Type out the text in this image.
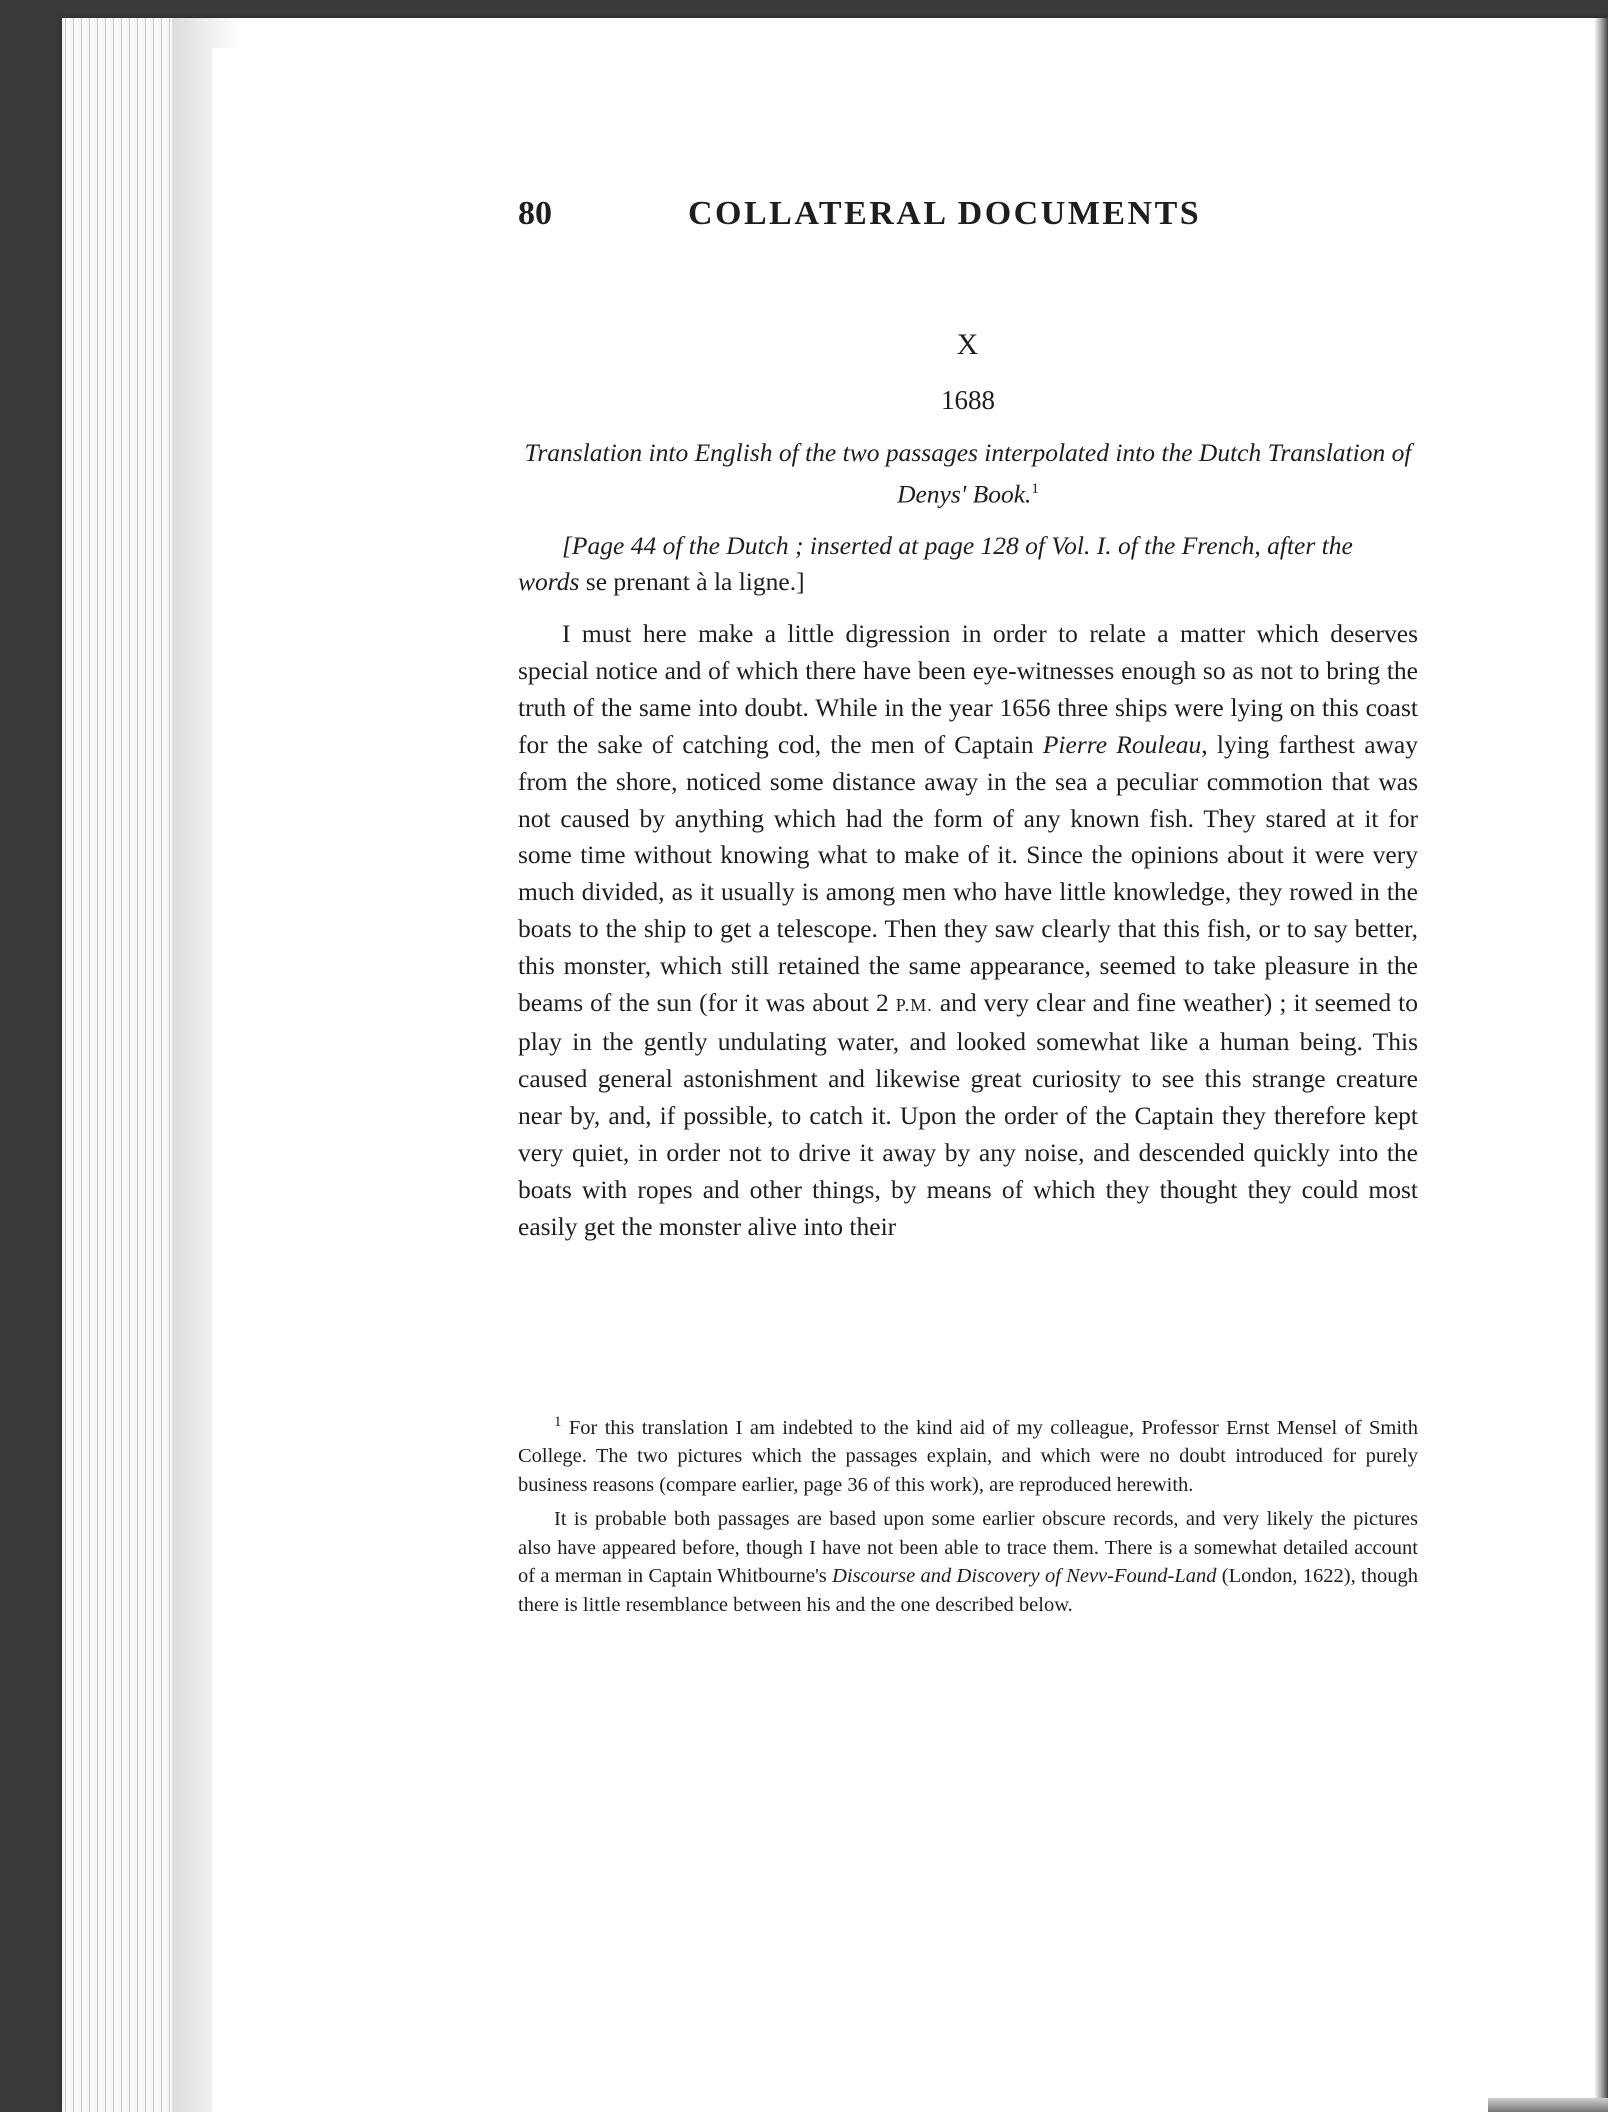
80	COLLATERAL DOCUMENTS
X
1688
Translation into English of the two passages interpolated into the Dutch Translation of Denys' Book.$^1$
[Page 44 of the Dutch ; inserted at page 128 of Vol. I. of the French, after the words se prenant à la ligne.]
I must here make a little digression in order to relate a matter which deserves special notice and of which there have been eye-witnesses enough so as not to bring the truth of the same into doubt. While in the year 1656 three ships were lying on this coast for the sake of catching cod, the men of Captain Pierre Rouleau, lying farthest away from the shore, noticed some distance away in the sea a peculiar commotion that was not caused by anything which had the form of any known fish. They stared at it for some time without knowing what to make of it. Since the opinions about it were very much divided, as it usually is among men who have little knowledge, they rowed in the boats to the ship to get a telescope. Then they saw clearly that this fish, or to say better, this monster, which still retained the same appearance, seemed to take pleasure in the beams of the sun (for it was about 2 P.M. and very clear and fine weather) ; it seemed to play in the gently undulating water, and looked somewhat like a human being. This caused general astonishment and likewise great curiosity to see this strange creature near by, and, if possible, to catch it. Upon the order of the Captain they therefore kept very quiet, in order not to drive it away by any noise, and descended quickly into the boats with ropes and other things, by means of which they thought they could most easily get the monster alive into their

$^1$ For this translation I am indebted to the kind aid of my colleague, Professor Ernst Mensel of Smith College. The two pictures which the passages explain, and which were no doubt introduced for purely business reasons (compare earlier, page 36 of this work), are reproduced herewith.

It is probable both passages are based upon some earlier obscure records, and very likely the pictures also have appeared before, though I have not been able to trace them. There is a somewhat detailed account of a merman in Captain Whitbourne's Discourse and Discovery of Nevv-Found-Land (London, 1622), though there is little resemblance between his and the one described below.
